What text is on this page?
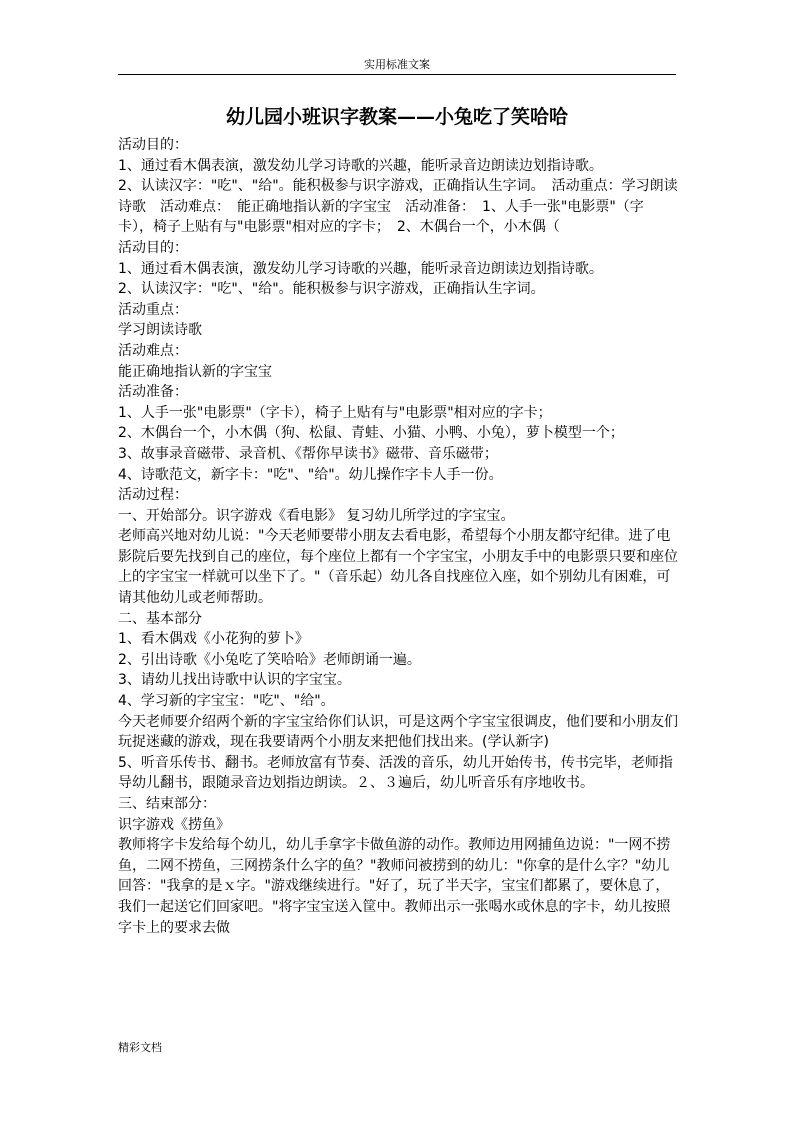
实用标准文案
幼儿园小班识字教案——小兔吃了笑哈哈

活动目的：

1、通过看木偶表演，激发幼儿学习诗歌的兴趣，能听录音边朗读边划指诗歌。

2、认读汉字："吃"、"给"。能积极参与识字游戏，正确指认生字词。　活动重点：学习朗读诗歌　活动难点：　能正确地指认新的字宝宝　活动准备：　1、人手一张"电影票"（字卡），椅子上贴有与"电影票"相对应的字卡；　2、木偶台一个，小木偶（

活动目的：

1、通过看木偶表演，激发幼儿学习诗歌的兴趣，能听录音边朗读边划指诗歌。

2、认读汉字："吃"、"给"。能积极参与识字游戏，正确指认生字词。

活动重点：

学习朗读诗歌

活动难点：

能正确地指认新的字宝宝

活动准备：

1、人手一张"电影票"（字卡），椅子上贴有与"电影票"相对应的字卡；

2、木偶台一个，小木偶（狗、松鼠、青蛙、小猫、小鸭、小兔），萝卜模型一个；

3、故事录音磁带、录音机、《帮你早读书》磁带、音乐磁带；

4、诗歌范文，新字卡："吃"、"给"。幼儿操作字卡人手一份。

活动过程：

一、开始部分。识字游戏《看电影》 复习幼儿所学过的字宝宝。

老师高兴地对幼儿说："今天老师要带小朋友去看电影，希望每个小朋友都守纪律。进了电影院后要先找到自己的座位，每个座位上都有一个字宝宝，小朋友手中的电影票只要和座位上的字宝宝一样就可以坐下了。"（音乐起）幼儿各自找座位入座，如个别幼儿有困难，可请其他幼儿或老师帮助。

二、基本部分

1、看木偶戏《小花狗的萝卜》

2、引出诗歌《小兔吃了笑哈哈》老师朗诵一遍。

3、请幼儿找出诗歌中认识的字宝宝。

4、学习新的字宝宝："吃"、"给"。

今天老师要介绍两个新的字宝宝给你们认识，可是这两个字宝宝很调皮，他们要和小朋友们玩捉迷藏的游戏，现在我要请两个小朋友来把他们找出来。(学认新字)

5、听音乐传书、翻书。老师放富有节奏、活泼的音乐，幼儿开始传书，传书完毕，老师指导幼儿翻书，跟随录音边划指边朗读。２、３遍后，幼儿听音乐有序地收书。

三、结束部分：

识字游戏《捞鱼》

教师将字卡发给每个幼儿，幼儿手拿字卡做鱼游的动作。教师边用网捕鱼边说："一网不捞鱼，二网不捞鱼，三网捞条什么字的鱼？"教师问被捞到的幼儿："你拿的是什么字？"幼儿回答："我拿的是ｘ字。"游戏继续进行。"好了，玩了半天字，宝宝们都累了，要休息了，我们一起送它们回家吧。"将字宝宝送入筐中。教师出示一张喝水或休息的字卡，幼儿按照字卡上的要求去做

精彩文档
